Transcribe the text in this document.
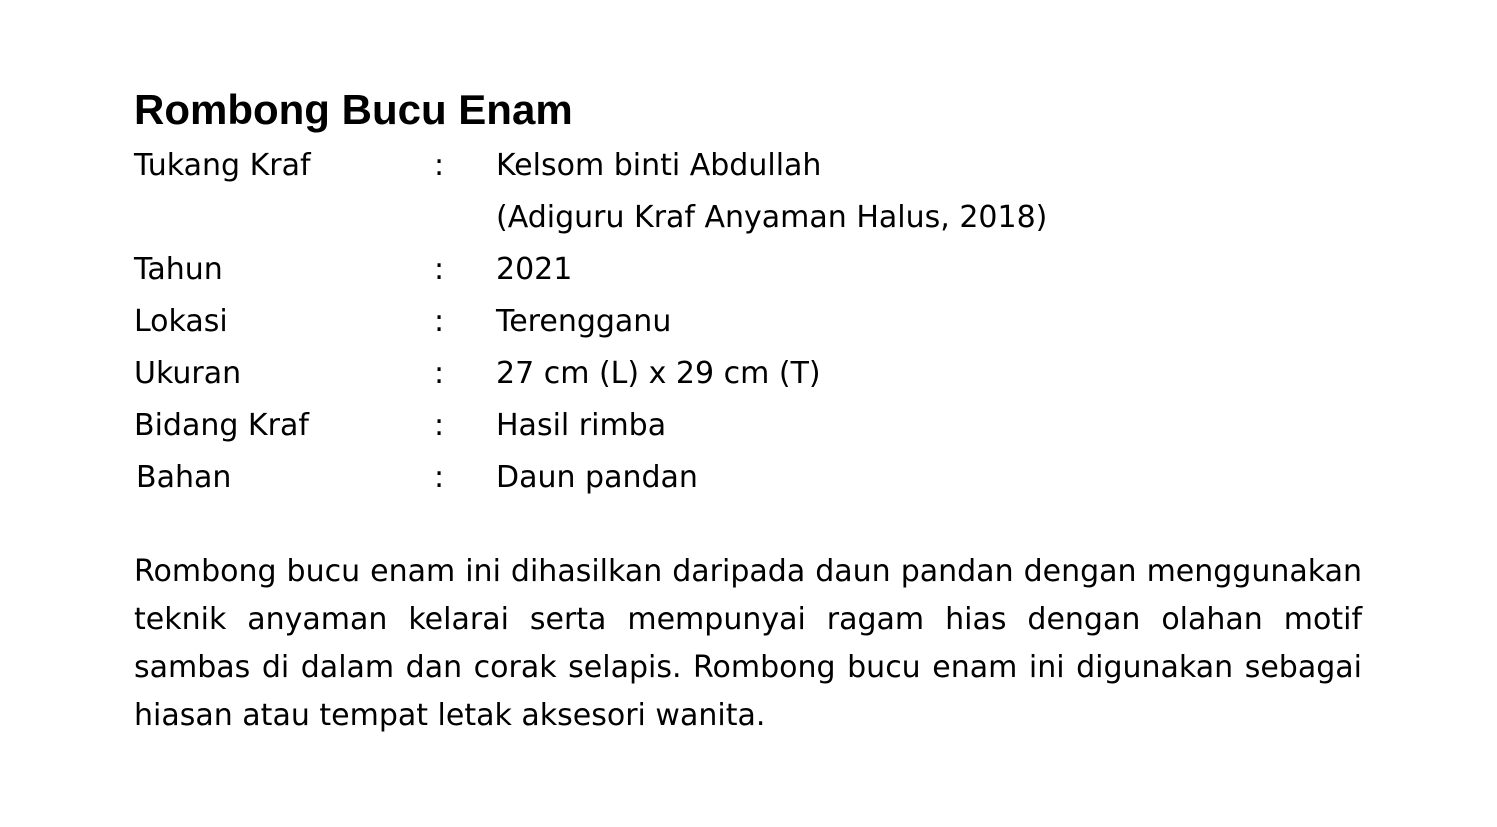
Rombong Bucu Enam
Tukang Kraf	:	Kelsom binti Abdullah
(Adiguru Kraf Anyaman Halus, 2018)
Tahun	:	2021
Lokasi	:	Terengganu
Ukuran	:	27 cm (L) x 29 cm (T)
Bidang Kraf	:	Hasil rimba
Bahan	:	Daun pandan

Rombong bucu enam ini dihasilkan daripada daun pandan dengan menggunakan teknik anyaman kelarai serta mempunyai ragam hias dengan olahan motif sambas di dalam dan corak selapis. Rombong bucu enam ini digunakan sebagai hiasan atau tempat letak aksesori wanita.
